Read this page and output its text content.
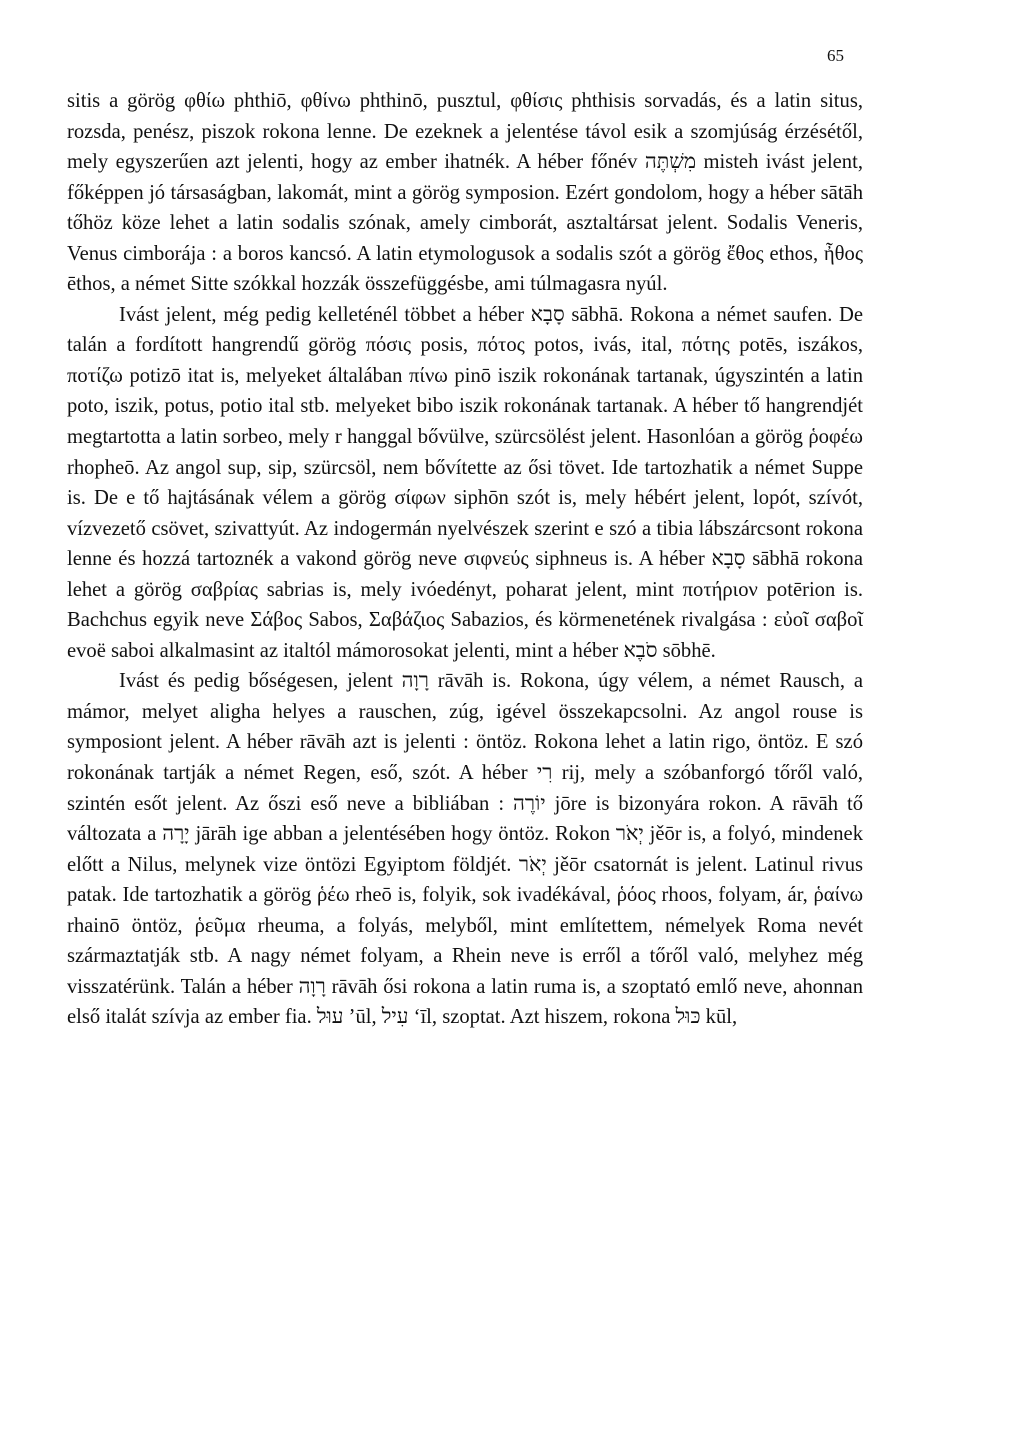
65

sitis a görög φθίω phthiō, φθίνω phthinō, pusztul, φθίσις phthisis sorvadás, és a latin situs, rozsda, penész, piszok rokona lenne. De ezeknek a jelentése távol esik a szomjúság érzésétől, mely egyszerűen azt jelenti, hogy az ember ihatnék. A héber főnév מִשְׁתֶּה misteh ivást jelent, főképpen jó társaságban, lakomát, mint a görög symposion. Ezért gondolom, hogy a héber sātāh tőhöz köze lehet a latin sodalis szónak, amely cimborát, asztaltársat jelent. Sodalis Veneris, Venus cimborája : a boros kancsó. A latin etymologusok a sodalis szót a görög ἔθος ethos, ἦθος ēthos, a német Sitte szókkal hozzák összefüggésbe, ami túlmagasra nyúl.

Ivást jelent, még pedig kelleténél többet a héber סָבָא sābhā. Rokona a német saufen. De talán a fordított hangrendű görög πόσις posis, πότος potos, ivás, ital, πότης potēs, iszákos, ποτίζω potizō itat is, melyeket általában πίνω pinō iszik rokonának tartanak, úgyszintén a latin poto, iszik, potus, potio ital stb. melyeket bibo iszik rokonának tartanak. A héber tő hangrendjét megtartotta a latin sorbeo, mely r hanggal bővülve, szürcsölést jelent. Hasonlóan a görög ῥοφέω rhopheō. Az angol sup, sip, szürcsöl, nem bővítette az ősi tövet. Ide tartozhatik a német Suppe is. De e tő hajtásának vélem a görög σίφων siphōn szót is, mely hébért jelent, lopót, szívót, vízvezető csövet, szivattyút. Az indogermán nyelvészek szerint e szó a tibia lábszárcsont rokona lenne és hozzá tartoznék a vakond görög neve σιφνεύς siphneus is. A héber סָבָא sābhā rokona lehet a görög σαβρίας sabrias is, mely ivóedényt, poharat jelent, mint ποτήριον potērion is. Bachchus egyik neve Σάβος Sabos, Σαβάζιος Sabazios, és körmenetének rivalgása : εὐοῖ σαβοῖ evoë saboi alkalmasint az italtól mámorosokat jelenti, mint a héber סֹבֶא sōbhē.

Ivást és pedig bőségesen, jelent רָוָה rāvāh is. Rokona, úgy vélem, a német Rausch, a mámor, melyet aligha helyes a rauschen, zúg, igével összekapcsolni. Az angol rouse is symposiont jelent. A héber rāvāh azt is jelenti : öntöz. Rokona lehet a latin rigo, öntöz. E szó rokonának tartják a német Regen, eső, szót. A héber רִי rij, mely a szóbanforgó tőről való, szintén esőt jelent. Az őszi eső neve a bibliában : יוֹרֶה jōre is bizonyára rokon. A rāvāh tő változata a יָרָה jārāh ige abban a jelentésében hogy öntöz. Rokon יְאֹר jěōr is, a folyó, mindenek előtt a Nilus, melynek vize öntözi Egyiptom földjét. יְאֹר jěōr csatornát is jelent. Latinul rivus patak. Ide tartozhatik a görög ῥέω rheō is, folyik, sok ivadékával, ῥόος rhoos, folyam, ár, ῥαίνω rhainō öntöz, ῥεῦμα rheuma, a folyás, melyből, mint említettem, némelyek Roma nevét származtatják stb. A nagy német folyam, a Rhein neve is erről a tőről való, melyhez még visszatérünk. Talán a héber רָוָה rāvāh ősi rokona a latin ruma is, a szoptató emlő neve, ahonnan első italát szívja az ember fia. עוּל ’ūl, עִיל ‘īl, szoptat. Azt hiszem, rokona כּוּל kūl,
